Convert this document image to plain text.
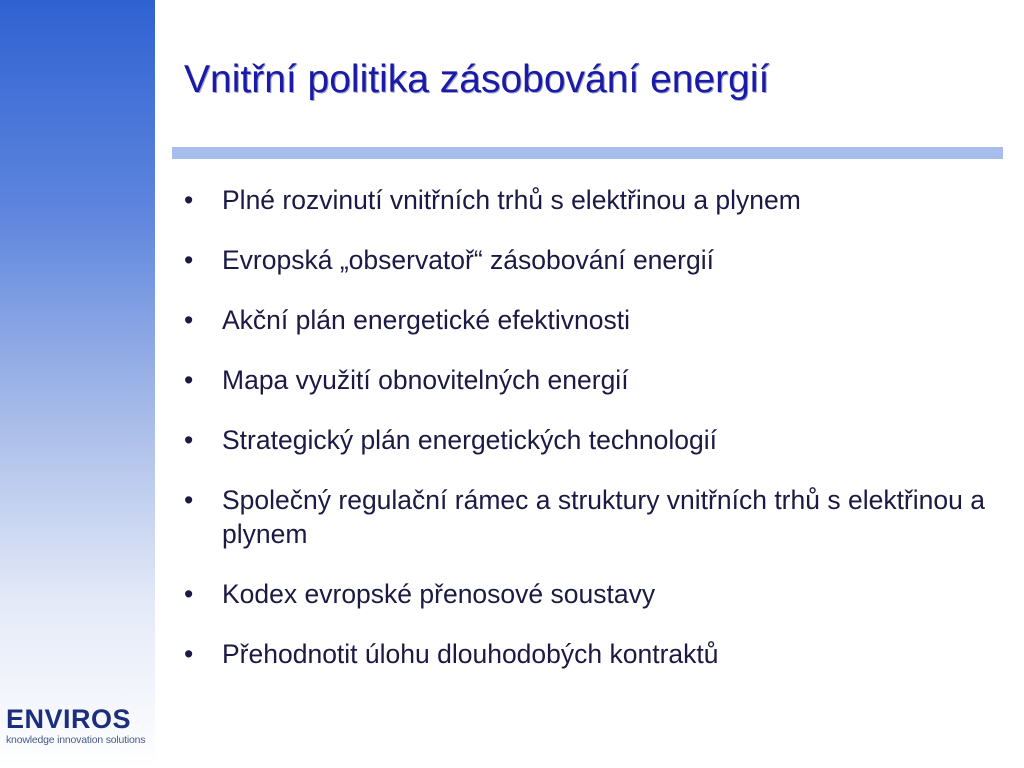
Vnitřní politika zásobování energií
•	Plné rozvinutí vnitřních trhů s elektřinou a plynem
•	Evropská „observatoř“ zásobování energií
•	Akční plán energetické efektivnosti
•	Mapa využití obnovitelných energií
•	Strategický plán energetických technologií
•	Společný regulační rámec a struktury vnitřních trhů s elektřinou a plynem
•	Kodex evropské přenosové soustavy
•	Přehodnotit úlohu dlouhodobých kontraktů
ENVIROS
knowledge innovation solutions
